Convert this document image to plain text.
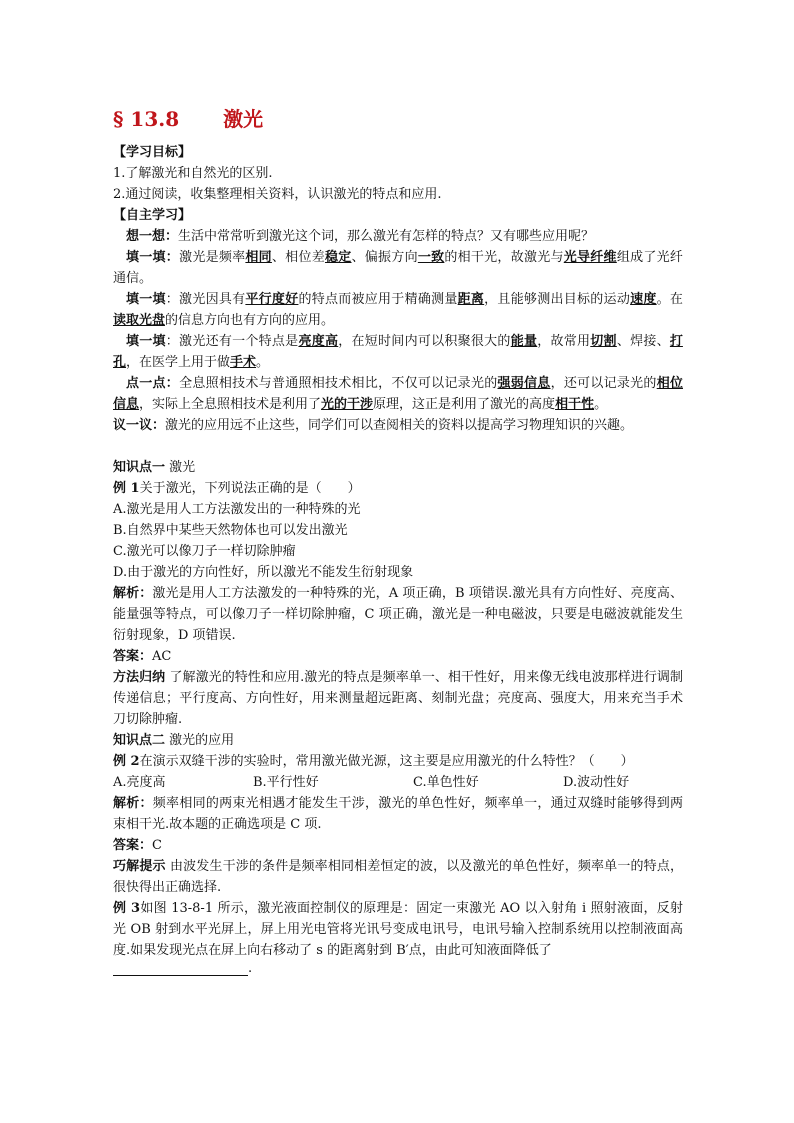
§ 13.8 激光

【学习目标】

1.了解激光和自然光的区别.

2.通过阅读，收集整理相关资料，认识激光的特点和应用.

【自主学习】

想一想：生活中常常听到激光这个词，那么激光有怎样的特点？又有哪些应用呢？

填一填：激光是频率相同、相位差稳定、偏振方向一致的相干光，故激光与光导纤维组成了光纤通信。

填一填：激光因具有平行度好的特点而被应用于精确测量距离，且能够测出目标的运动速度。在读取光盘的信息方向也有方向的应用。

填一填：激光还有一个特点是亮度高，在短时间内可以积聚很大的能量，故常用切割、焊接、打孔，在医学上用于做手术。

点一点：全息照相技术与普通照相技术相比，不仅可以记录光的强弱信息，还可以记录光的相位信息，实际上全息照相技术是利用了光的干涉原理，这正是利用了激光的高度相干性。

议一议：激光的应用远不止这些，同学们可以查阅相关的资料以提高学习物理知识的兴趣。

知识点一 激光

例 1关于激光，下列说法正确的是（　　）

A.激光是用人工方法激发出的一种特殊的光

B.自然界中某些天然物体也可以发出激光

C.激光可以像刀子一样切除肿瘤

D.由于激光的方向性好，所以激光不能发生衍射现象

解析：激光是用人工方法激发的一种特殊的光，A 项正确，B 项错误.激光具有方向性好、亮度高、能量强等特点，可以像刀子一样切除肿瘤，C 项正确，激光是一种电磁波，只要是电磁波就能发生衍射现象，D 项错误.

答案：AC

方法归纳 了解激光的特性和应用.激光的特点是频率单一、相干性好，用来像无线电波那样进行调制传递信息；平行度高、方向性好，用来测量超远距离、刻制光盘；亮度高、强度大，用来充当手术刀切除肿瘤.

知识点二 激光的应用

例 2在演示双缝干涉的实验时，常用激光做光源，这主要是应用激光的什么特性？（　　）

A.亮度高	B.平行性好	C.单色性好	D.波动性好

解析：频率相同的两束光相遇才能发生干涉，激光的单色性好，频率单一，通过双缝时能够得到两束相干光.故本题的正确选项是 C 项.

答案：C

巧解提示 由波发生干涉的条件是频率相同相差恒定的波，以及激光的单色性好，频率单一的特点，很快得出正确选择.

例 3如图 13-8-1 所示，激光液面控制仪的原理是：固定一束激光 AO 以入射角 i 照射液面，反射光 OB 射到水平光屏上，屏上用光电管将光讯号变成电讯号，电讯号输入控制系统用以控制液面高度.如果发现光点在屏上向右移动了 s 的距离射到 B′点，由此可知液面降低了

.
